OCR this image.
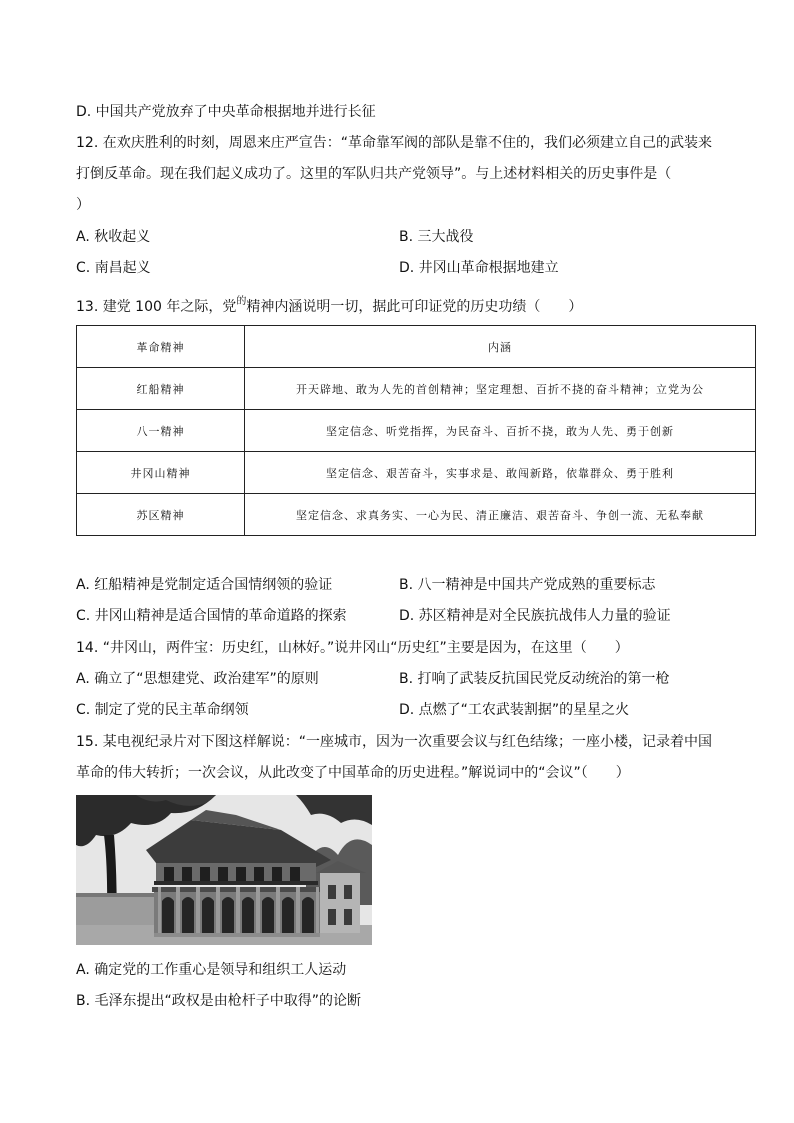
D. 中国共产党放弃了中央革命根据地并进行长征
12. 在欢庆胜利的时刻，周恩来庄严宣告：“革命靠军阀的部队是靠不住的，我们必须建立自己的武装来
打倒反革命。现在我们起义成功了。这里的军队归共产党领导”。与上述材料相关的历史事件是（
）
A. 秋收起义	B. 三大战役
C. 南昌起义	D. 井冈山革命根据地建立
13. 建党 100 年之际，党$^的$精神内涵说明一切，据此可印证党的历史功绩（　　）
革命精神	内涵
红船精神	开天辟地、敢为人先的首创精神；坚定理想、百折不挠的奋斗精神；立党为公
八一精神	坚定信念、听党指挥，为民奋斗、百折不挠，敢为人先、勇于创新
井冈山精神	坚定信念、艰苦奋斗，实事求是、敢闯新路，依靠群众、勇于胜利
苏区精神	坚定信念、求真务实、一心为民、清正廉洁、艰苦奋斗、争创一流、无私奉献
A. 红船精神是党制定适合国情纲领的验证	B. 八一精神是中国共产党成熟的重要标志
C. 井冈山精神是适合国情的革命道路的探索	D. 苏区精神是对全民族抗战伟人力量的验证
14. “井冈山，两件宝：历史红，山林好。”说井冈山“历史红”主要是因为，在这里（　　）
A. 确立了“思想建党、政治建军”的原则	B. 打响了武装反抗国民党反动统治的第一枪
C. 制定了党的民主革命纲领	D. 点燃了“工农武装割据”的星星之火
15. 某电视纪录片对下图这样解说：“一座城市，因为一次重要会议与红色结缘；一座小楼，记录着中国
革命的伟大转折；一次会议，从此改变了中国革命的历史进程。”解说词中的“会议”（　　）
A. 确定党的工作重心是领导和组织工人运动
B. 毛泽东提出“政权是由枪杆子中取得”的论断
